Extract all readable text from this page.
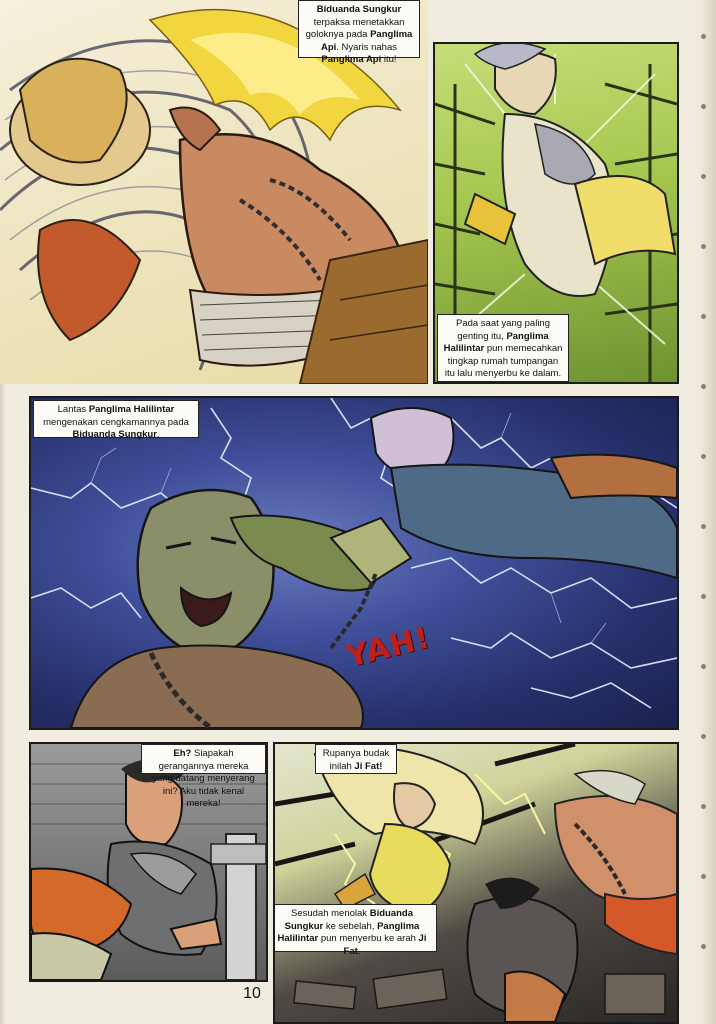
Biduanda Sungkur terpaksa menetakkan goloknya pada Panglima Api. Nyaris nahas Panglima Api itu!
Pada saat yang paling genting itu, Panglima Halilintar pun memecahkan tingkap rumah tumpangan itu lalu menyerbu ke dalam.
YAH!
Lantas Panglima Halilintar mengenakan cengkamannya pada Biduanda Sungkur.
Eh? Siapakah gerangannya mereka yang datang menyerang ini? Aku tidak kenal mereka!
Rupanya budak inilah Ji Fat!
Sesudah menolak Biduanda Sungkur ke sebelah, Panglima Halilintar pun menyerbu ke arah Ji Fat.
10
